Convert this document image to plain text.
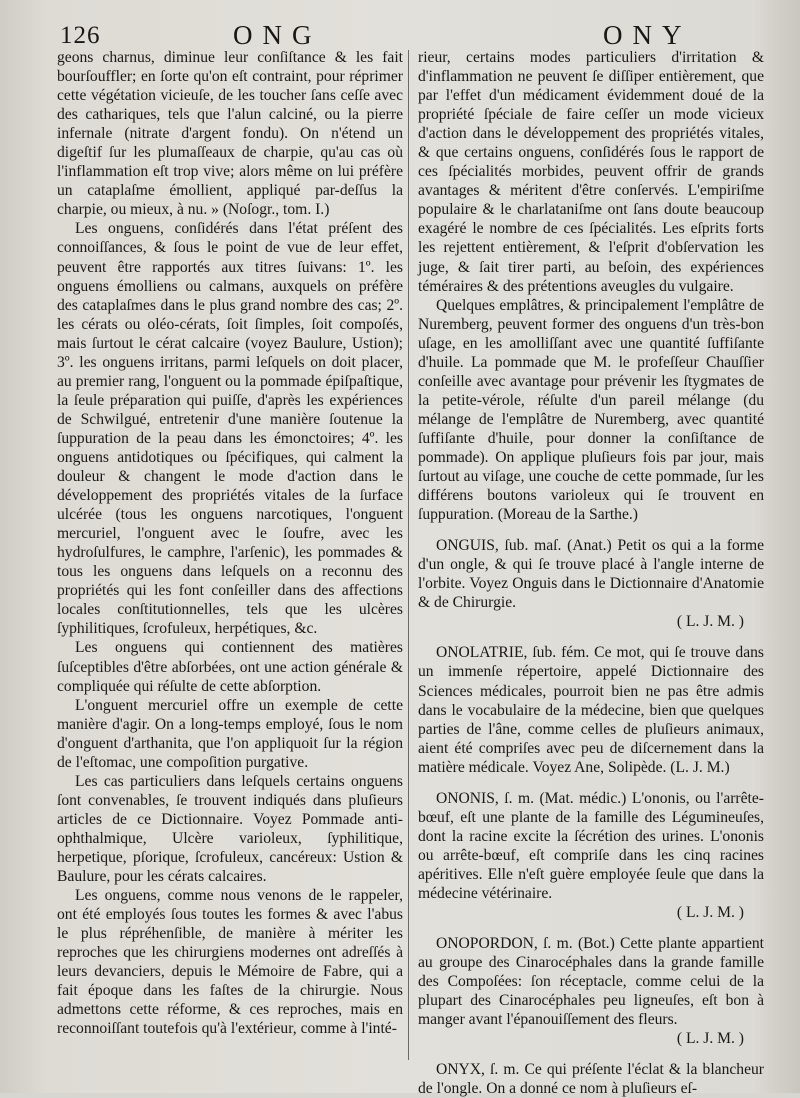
126	ONG	ONY

geons charnus, diminue leur conſiſtance & les fait bourſouffler; en ſorte qu'on eſt contraint, pour réprimer cette végétation vicieuſe, de les toucher ſans ceſſe avec des cathariques, tels que l'alun calciné, ou la pierre infernale (nitrate d'argent fondu). On n'étend un digeſtif ſur les plumaſſeaux de charpie, qu'au cas où l'inflammation eſt trop vive; alors même on lui préfère un cataplaſme émollient, appliqué par-deſſus la charpie, ou mieux, à nu. » (Noſogr., tom. I.)

Les onguens, conſidérés dans l'état préſent des connoiſſances, & ſous le point de vue de leur effet, peuvent être rapportés aux titres ſuivans: 1º. les onguens émolliens ou calmans, auxquels on préfère des cataplaſmes dans le plus grand nombre des cas; 2º. les cérats ou oléo-cérats, ſoit ſimples, ſoit compoſés, mais ſurtout le cérat calcaire (voyez Baulure, Ustion); 3º. les onguens irritans, parmi leſquels on doit placer, au premier rang, l'onguent ou la pommade épiſpaſtique, la ſeule préparation qui puiſſe, d'après les expériences de Schwilgué, entretenir d'une manière ſoutenue la ſuppuration de la peau dans les émonctoires; 4º. les onguens antidotiques ou ſpécifiques, qui calment la douleur & changent le mode d'action dans le développement des propriétés vitales de la ſurface ulcérée (tous les onguens narcotiques, l'onguent mercuriel, l'onguent avec le ſoufre, avec les hydroſulfures, le camphre, l'arſenic), les pommades & tous les onguens dans leſquels on a reconnu des propriétés qui les font conſeiller dans des affections locales conſtitutionnelles, tels que les ulcères ſyphilitiques, ſcrofuleux, herpétiques, &c.

Les onguens qui contiennent des matières ſuſceptibles d'être abſorbées, ont une action générale & compliquée qui réſulte de cette abſorption.

L'onguent mercuriel offre un exemple de cette manière d'agir. On a long-temps employé, ſous le nom d'onguent d'arthanita, que l'on appliquoit ſur la région de l'eſtomac, une compoſition purgative.

Les cas particuliers dans leſquels certains onguens ſont convenables, ſe trouvent indiqués dans pluſieurs articles de ce Dictionnaire. Voyez Pommade anti-ophthalmique, Ulcère varioleux, ſyphilitique, herpetique, pſorique, ſcrofuleux, cancéreux: Ustion & Baulure, pour les cérats calcaires.

Les onguens, comme nous venons de le rappeler, ont été employés ſous toutes les formes & avec l'abus le plus répréhenſible, de manière à mériter les reproches que les chirurgiens modernes ont adreſſés à leurs devanciers, depuis le Mémoire de Fabre, qui a fait époque dans les faſtes de la chirurgie. Nous admettons cette réforme, & ces reproches, mais en reconnoiſſant toutefois qu'à l'extérieur, comme à l'inté-

rieur, certains modes particuliers d'irritation & d'inflammation ne peuvent ſe diſſiper entièrement, que par l'effet d'un médicament évidemment doué de la propriété ſpéciale de faire ceſſer un mode vicieux d'action dans le développement des propriétés vitales, & que certains onguens, conſidérés ſous le rapport de ces ſpécialités morbides, peuvent offrir de grands avantages & méritent d'être conſervés. L'empiriſme populaire & le charlataniſme ont ſans doute beaucoup exagéré le nombre de ces ſpécialités. Les eſprits forts les rejettent entièrement, & l'eſprit d'obſervation les juge, & ſait tirer parti, au beſoin, des expériences téméraires & des prétentions aveugles du vulgaire.

Quelques emplâtres, & principalement l'emplâtre de Nuremberg, peuvent former des onguens d'un très-bon uſage, en les amolliſſant avec une quantité ſuffiſante d'huile. La pommade que M. le profeſſeur Chauſſier conſeille avec avantage pour prévenir les ſtygmates de la petite-vérole, réſulte d'un pareil mélange (du mélange de l'emplâtre de Nuremberg, avec quantité ſuffiſante d'huile, pour donner la conſiſtance de pommade). On applique pluſieurs fois par jour, mais ſurtout au viſage, une couche de cette pommade, ſur les différens boutons varioleux qui ſe trouvent en ſuppuration. (Moreau de la Sarthe.)

ONGUIS, ſub. maſ. (Anat.) Petit os qui a la forme d'un ongle, & qui ſe trouve placé à l'angle interne de l'orbite. Voyez Onguis dans le Dictionnaire d'Anatomie & de Chirurgie.

( L. J. M. )

ONOLATRIE, ſub. fém. Ce mot, qui ſe trouve dans un immenſe répertoire, appelé Dictionnaire des Sciences médicales, pourroit bien ne pas être admis dans le vocabulaire de la médecine, bien que quelques parties de l'âne, comme celles de pluſieurs animaux, aient été compriſes avec peu de diſcernement dans la matière médicale. Voyez Ane, Solipède. (L. J. M.)

ONONIS, ſ. m. (Mat. médic.) L'ononis, ou l'arrête-bœuf, eſt une plante de la famille des Légumineuſes, dont la racine excite la ſécrétion des urines. L'ononis ou arrête-bœuf, eſt compriſe dans les cinq racines apéritives. Elle n'eſt guère employée ſeule que dans la médecine vétérinaire.

( L. J. M. )

ONOPORDON, ſ. m. (Bot.) Cette plante appartient au groupe des Cinarocéphales dans la grande famille des Compoſées: ſon réceptacle, comme celui de la plupart des Cinarocéphales peu ligneuſes, eſt bon à manger avant l'épanouiſſement des fleurs.

( L. J. M. )

ONYX, ſ. m. Ce qui préſente l'éclat & la blancheur de l'ongle. On a donné ce nom à pluſieurs eſ-
